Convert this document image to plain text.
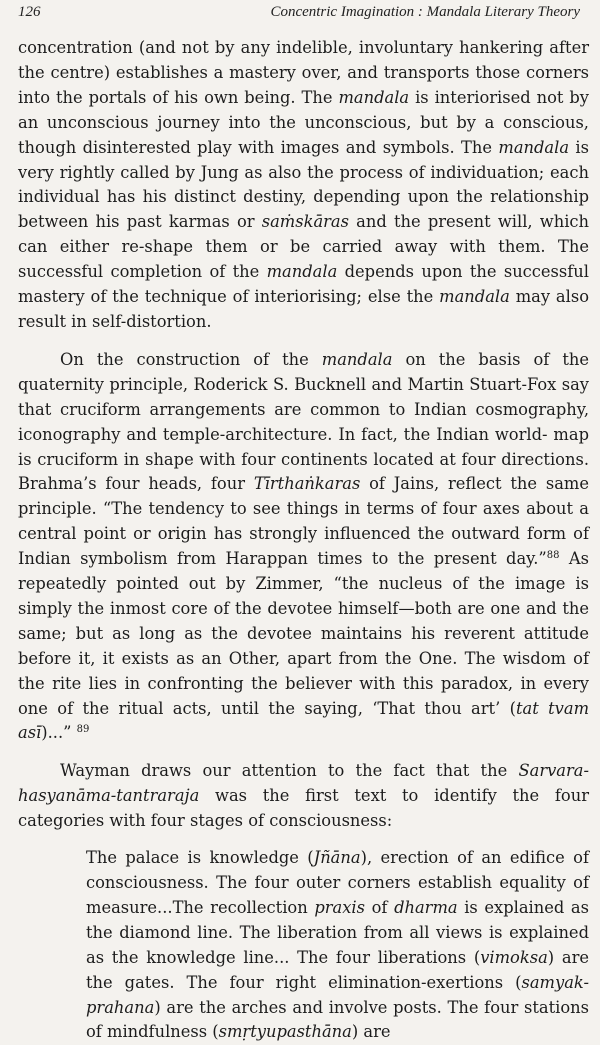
126	Concentric Imagination : Mandala Literary Theory

concentration (and not by any indelible, involuntary hankering after the centre) establishes a mastery over, and transports those corners into the portals of his own being. The mandala is interiorised not by an unconscious journey into the unconscious, but by a conscious, though disinterested play with images and symbols. The mandala is very rightly called by Jung as also the process of individuation; each individual has his distinct destiny, depending upon the relationship between his past karmas or saṁskāras and the present will, which can either re-shape them or be carried away with them. The successful completion of the mandala depends upon the successful mastery of the technique of interiorising; else the mandala may also result in self-distortion.

On the construction of the mandala on the basis of the quaternity principle, Roderick S. Bucknell and Martin Stuart-Fox say that cruciform arrangements are common to Indian cosmography, iconography and temple-architecture. In fact, the Indian world- map is cruciform in shape with four continents located at four directions. Brahma’s four heads, four Tīrthaṅkaras of Jains, reflect the same principle. “The tendency to see things in terms of four axes about a central point or origin has strongly influenced the outward form of Indian symbolism from Harappan times to the present day.”$^{88}$ As repeatedly pointed out by Zimmer, “the nucleus of the image is simply the inmost core of the devotee himself—both are one and the same; but as long as the devotee maintains his reverent attitude before it, it exists as an Other, apart from the One. The wisdom of the rite lies in confronting the believer with this paradox, in every one of the ritual acts, until the saying, ‘That thou art’ (tat tvam asī)...” $^{89}$

Wayman draws our attention to the fact that the Sarvara-hasyanāma-tantraraja was the first text to identify the four categories with four stages of consciousness:

The palace is knowledge (Jñāna), erection of an edifice of consciousness. The four outer corners establish equality of measure...The recollection praxis of dharma is explained as the diamond line. The liberation from all views is explained as the knowledge line... The four liberations (vimoksa) are the gates. The four right elimination-exertions (samyak-prahana) are the arches and involve posts. The four stations of mindfulness (smṛtyupasthāna) are
